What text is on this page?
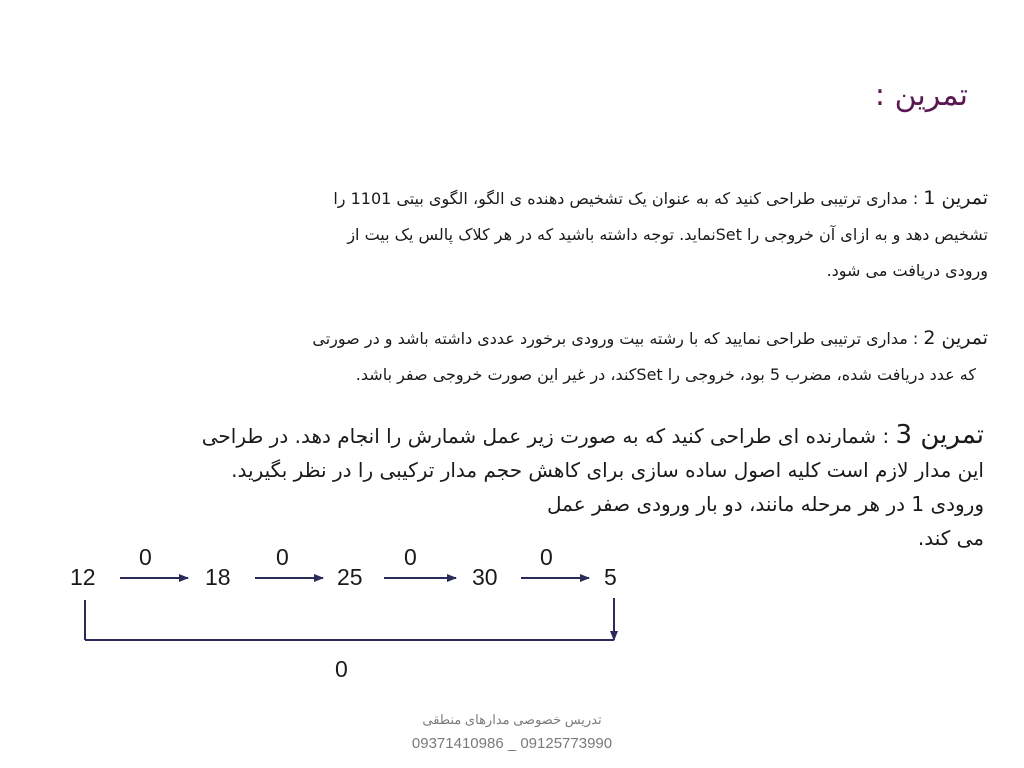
تمرین :
تمرین 1 : مداری ترتیبی طراحی کنید که به عنوان یک تشخیص دهنده ی الگو، الگوی بیتی 1101 را
تشخیص دهد و به ازای آن خروجی را Setنماید. توجه داشته باشید که در هر کلاک پالس یک بیت از
ورودی دریافت می شود.
تمرین 2 : مداری ترتیبی طراحی نمایید که با رشته بیت ورودی برخورد عددی داشته باشد و در صورتی
که عدد دریافت شده، مضرب 5 بود، خروجی را Setکند، در غیر این صورت خروجی صفر باشد.
تمرین 3 : شمارنده ای طراحی کنید که به صورت زیر عمل شمارش را انجام دهد. در طراحی
این مدار لازم است کلیه اصول ساده سازی برای کاهش حجم مدار ترکیبی را در نظر بگیرید.
ورودی 1 در هر مرحله مانند، دو بار ورودی صفر عمل
می کند.
12	18	25	30	5
0	0	0	0
0
تدریس خصوصی مدارهای منطقی
09371410986 _ 09125773990
